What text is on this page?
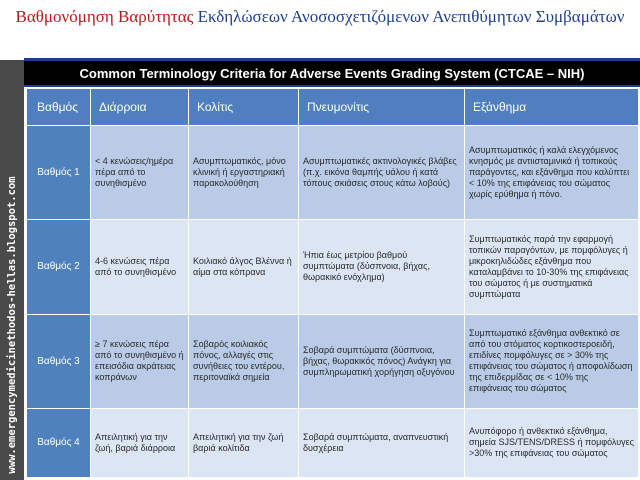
Βαθμονόμηση Βαρύτητας Εκδηλώσεων Ανοσοσχετιζόμενων Ανεπιθύμητων Συμβαμάτων
www.emergencymedicinethodos-hellas.blogspot.com
Common Terminology Criteria for Adverse Events Grading System (CTCAE – NIH)
Βαθμός	Διάρροια	Κολίτις	Πνευμονίτις	Εξάνθημα
Βαθμός 1	< 4 κενώσεις/ημέρα πέρα από το συνηθισμένο	Ασυμπτωματικός, μόνο κλινική ή εργαστηριακή παρακολούθηση	Ασυμπτωματικές ακτινολογικές βλάβες (π.χ. εικόνα θαμπής υάλου ή κατά τόπους σκιάσεις στους κάτω λοβούς)	Ασυμπτωματικός ή καλά ελεγχόμενος κνησμός με αντιισταμινικά ή τοπικούς παράγοντες, και εξάνθημα που καλύπτει < 10% της επιφάνειας του σώματος χωρίς ερύθημα ή πόνο.
Βαθμός 2	4-6 κενώσεις πέρα από το συνηθισμένο	Κοιλιακό άλγος Βλέννα ή αίμα στα κόπρανα	Ήπια έως μετρίου βαθμού συμπτώματα (δύσπνοια, βήχας, θωρακικό ενόχλημα)	Συμπτωματικός παρά την εφαρμογή τοπικών παραγόντων, με πομφόλυγες ή μικροκηλιδώδες εξάνθημα που καταλαμβάνει το 10-30% της επιφάνειας του σώματος ή με συστηματικά συμπτώματα
Βαθμός 3	≥ 7 κενώσεις πέρα από το συνηθισμένο ή επεισόδια ακράτειας κοπράνων	Σοβαρός κοιλιακός πόνος, αλλαγές στις συνήθειες του εντέρου, περιτοναϊκά σημεία	Σοβαρά συμπτώματα (δύσπνοια, βήχας, θωρακικός πόνος) Ανάγκη για συμπληρωματική χορήγηση οξυγόνου	Συμπτωματικό εξάνθημα ανθεκτικό σε από του στόματος κορτικοστεροειδή, επιδίνες πομφόλυγες σε > 30% της επιφάνειας του σώματος ή αποφολίδωση της επιδερμίδας σε < 10% της επιφάνειας του σώματος
Βαθμός 4	Απειλητική για την ζωή, βαριά διάρροια	Απειλητική για την ζωή βαριά κολίτιδα	Σοβαρά συμπτώματα, αναπνευστική δυσχέρεια	Ανυπόφορο ή ανθεκτικό εξάνθημα, σημεία SJS/TENS/DRESS ή πομφόλυγες >30% της επιφάνειας του σώματος
